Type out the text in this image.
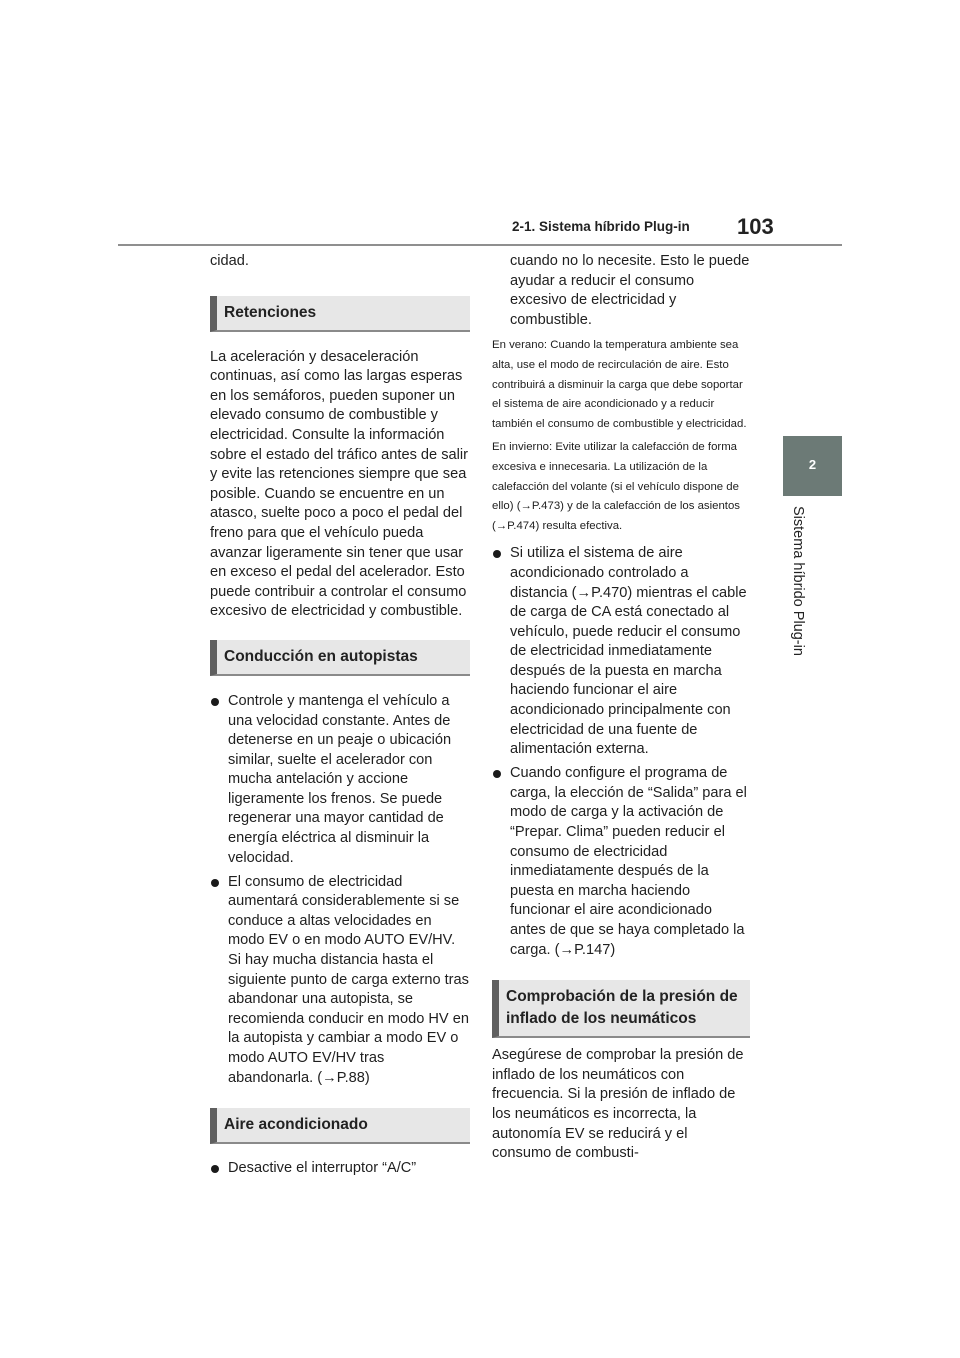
2-1. Sistema híbrido Plug-in 103
2
Sistema híbrido Plug-in

cidad.

Retenciones

La aceleración y desaceleración continuas, así como las largas esperas en los semáforos, pueden suponer un elevado consumo de combustible y electricidad. Consulte la información sobre el estado del tráfico antes de salir y evite las retenciones siempre que sea posible. Cuando se encuentre en un atasco, suelte poco a poco el pedal del freno para que el vehículo pueda avanzar ligeramente sin tener que usar en exceso el pedal del acelerador. Esto puede contribuir a controlar el consumo excesivo de electricidad y combustible.

Conducción en autopistas
Controle y mantenga el vehículo a una velocidad constante. Antes de detenerse en un peaje o ubicación similar, suelte el acelerador con mucha antelación y accione ligeramente los frenos. Se puede regenerar una mayor cantidad de energía eléctrica al disminuir la velocidad.
El consumo de electricidad aumentará considerablemente si se conduce a altas velocidades en modo EV o en modo AUTO EV/HV. Si hay mucha distancia hasta el siguiente punto de carga externo tras abandonar una autopista, se recomienda conducir en modo HV en la autopista y cambiar a modo EV o modo AUTO EV/HV tras abandonarla. (→P.88)
Aire acondicionado
Desactive el interruptor “A/C”

cuando no lo necesite. Esto le puede ayudar a reducir el consumo excesivo de electricidad y combustible.

En verano: Cuando la temperatura ambiente sea alta, use el modo de recirculación de aire. Esto contribuirá a disminuir la carga que debe soportar el sistema de aire acondicionado y a reducir también el consumo de combustible y electricidad.

En invierno: Evite utilizar la calefacción de forma excesiva e innecesaria. La utilización de la calefacción del volante (si el vehículo dispone de ello) (→P.473) y de la calefacción de los asientos (→P.474) resulta efectiva.

Si utiliza el sistema de aire acondicionado controlado a distancia (→P.470) mientras el cable de carga de CA está conectado al vehículo, puede reducir el consumo de electricidad inmediatamente después de la puesta en marcha haciendo funcionar el aire acondicionado principalmente con electricidad de una fuente de alimentación externa.
Cuando configure el programa de carga, la elección de “Salida” para el modo de carga y la activación de “Prepar. Clima” pueden reducir el consumo de electricidad inmediatamente después de la puesta en marcha haciendo funcionar el aire acondicionado antes de que se haya completado la carga. (→P.147)
Comprobación de la presión de inflado de los neumáticos

Asegúrese de comprobar la presión de inflado de los neumáticos con frecuencia. Si la presión de inflado de los neumáticos es incorrecta, la autonomía EV se reducirá y el consumo de combusti-
